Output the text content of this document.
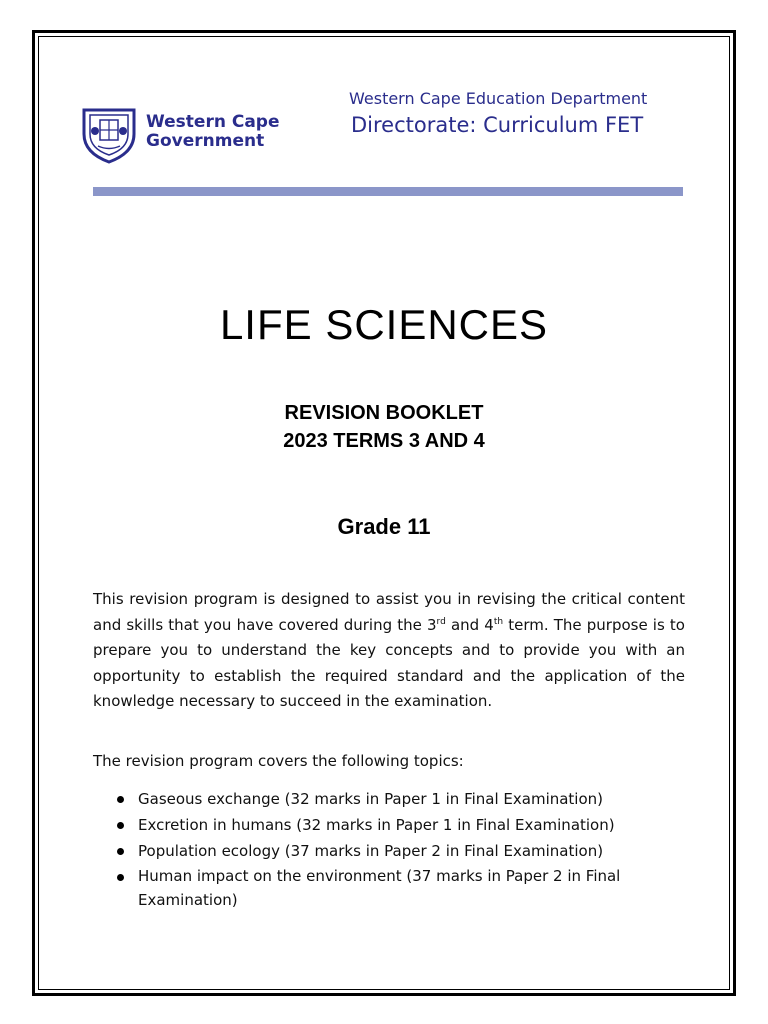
Western Cape
Government
Western Cape Education Department
Directorate: Curriculum FET
LIFE SCIENCES
REVISION BOOKLET
2023 TERMS 3 AND 4
Grade 11
This revision program is designed to assist you in revising the critical content and skills that you have covered during the 3rd and 4th term. The purpose is to prepare you to understand the key concepts and to provide you with an opportunity to establish the required standard and the application of the knowledge necessary to succeed in the examination.
The revision program covers the following topics:
Gaseous exchange (32 marks in Paper 1 in Final Examination)
Excretion in humans (32 marks in Paper 1 in Final Examination)
Population ecology (37 marks in Paper 2 in Final Examination)
Human impact on the environment (37 marks in Paper 2 in Final Examination)
